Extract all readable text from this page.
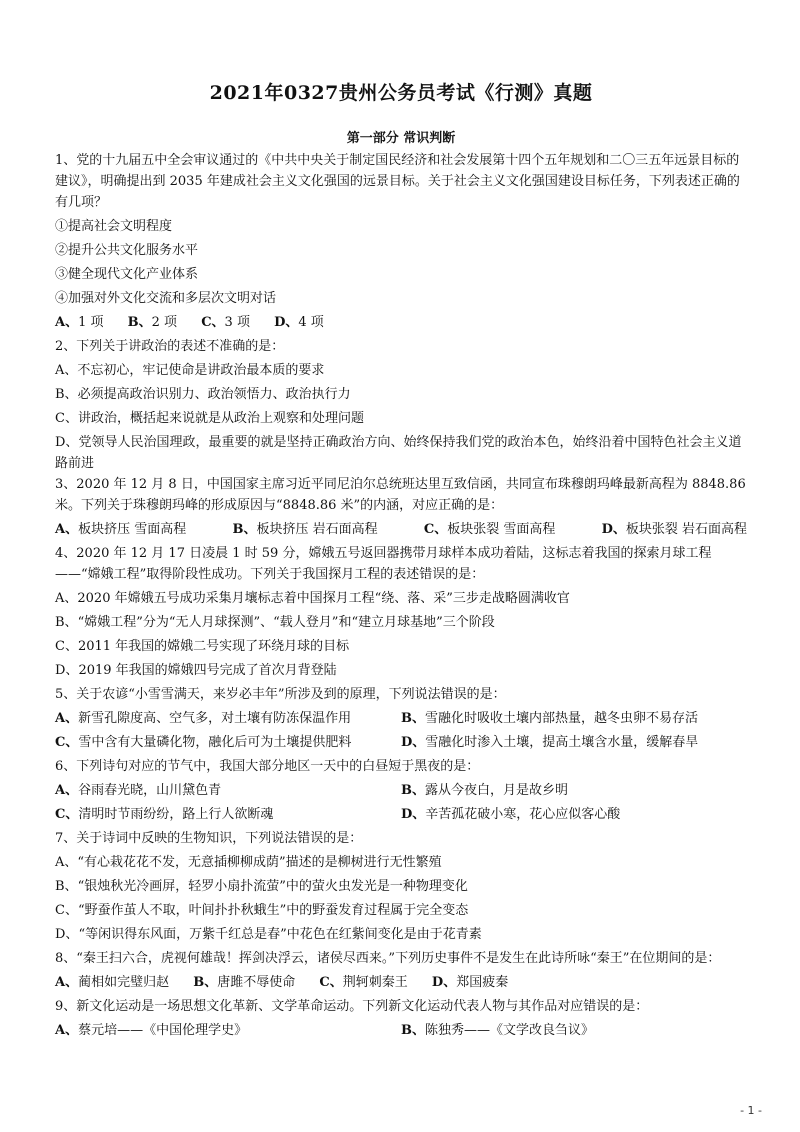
2021年0327贵州公务员考试《行测》真题
第一部分 常识判断

1、党的十九届五中全会审议通过的《中共中央关于制定国民经济和社会发展第十四个五年规划和二〇三五年远景目标的建议》，明确提出到 2035 年建成社会主义文化强国的远景目标。关于社会主义文化强国建设目标任务，下列表述正确的有几项？

①提高社会文明程度

②提升公共文化服务水平

③健全现代文化产业体系

④加强对外文化交流和多层次文明对话

A、1 项 B、2 项 C、3 项 D、4 项

2、下列关于讲政治的表述不准确的是：

A、不忘初心，牢记使命是讲政治最本质的要求

B、必须提高政治识别力、政治领悟力、政治执行力

C、讲政治，概括起来说就是从政治上观察和处理问题

D、党领导人民治国理政，最重要的就是坚持正确政治方向、始终保持我们党的政治本色，始终沿着中国特色社会主义道路前进

3、2020 年 12 月 8 日，中国国家主席习近平同尼泊尔总统班达里互致信函，共同宣布珠穆朗玛峰最新高程为 8848.86 米。下列关于珠穆朗玛峰的形成原因与“8848.86 米”的内涵，对应正确的是：

A、板块挤压 雪面高程	B、板块挤压 岩石面高程	C、板块张裂 雪面高程	D、板块张裂 岩石面高程

4、2020 年 12 月 17 日凌晨 1 时 59 分，嫦娥五号返回器携带月球样本成功着陆，这标志着我国的探索月球工程——“嫦娥工程”取得阶段性成功。下列关于我国探月工程的表述错误的是：

A、2020 年嫦娥五号成功采集月壤标志着中国探月工程“绕、落、采”三步走战略圆满收官

B、“嫦娥工程”分为“无人月球探测”、“载人登月”和“建立月球基地”三个阶段

C、2011 年我国的嫦娥二号实现了环绕月球的目标

D、2019 年我国的嫦娥四号完成了首次月背登陆

5、关于农谚“小雪雪满天，来岁必丰年”所涉及到的原理，下列说法错误的是：

A、新雪孔隙度高、空气多，对土壤有防冻保温作用	B、雪融化时吸收土壤内部热量，越冬虫卵不易存活
C、雪中含有大量磷化物，融化后可为土壤提供肥料	D、雪融化时渗入土壤，提高土壤含水量，缓解春旱

6、下列诗句对应的节气中，我国大部分地区一天中的白昼短于黑夜的是：

A、谷雨春光晓，山川黛色青	B、露从今夜白，月是故乡明
C、清明时节雨纷纷，路上行人欲断魂	D、辛苦孤花破小寒，花心应似客心酸

7、关于诗词中反映的生物知识，下列说法错误的是：

A、“有心栽花花不发，无意插柳柳成荫”描述的是柳树进行无性繁殖

B、“银烛秋光冷画屏，轻罗小扇扑流萤”中的萤火虫发光是一种物理变化

C、“野蚕作茧人不取，叶间扑扑秋蛾生”中的野蚕发育过程属于完全变态

D、“等闲识得东风面，万紫千红总是春”中花色在红紫间变化是由于花青素

8、“秦王扫六合，虎视何雄哉！挥剑决浮云，诸侯尽西来。”下列历史事件不是发生在此诗所咏“秦王”在位期间的是：

A、蔺相如完璧归赵 B、唐雎不辱使命 C、荆轲刺秦王 D、郑国疲秦

9、新文化运动是一场思想文化革新、文学革命运动。下列新文化运动代表人物与其作品对应错误的是：

A、蔡元培——《中国伦理学史》	B、陈独秀——《文学改良刍议》
- 1 -
